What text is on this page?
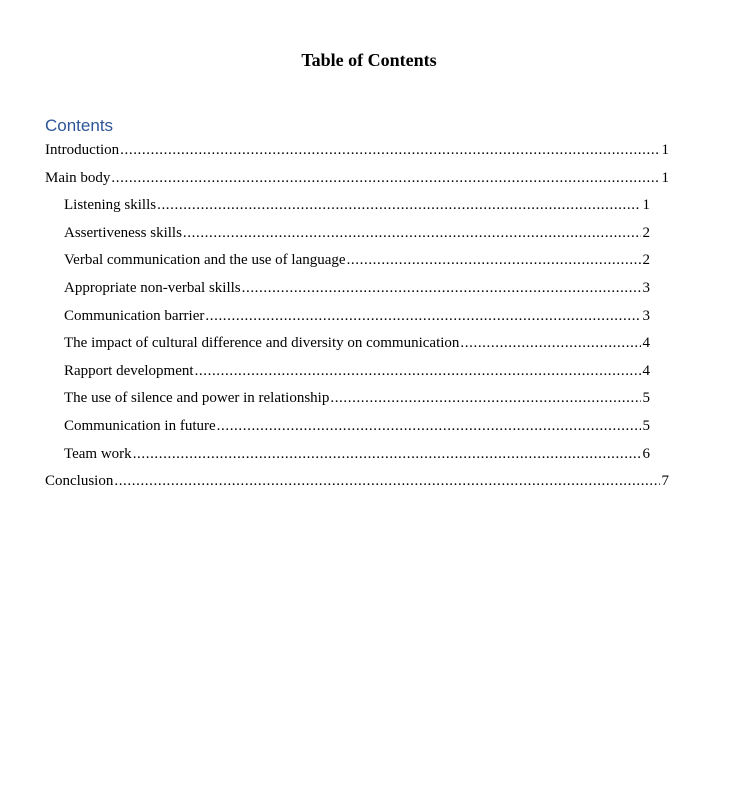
Table of Contents
Contents
Introduction .....	1
Main body .....	1
Listening skills .....	1
Assertiveness skills .....	2
Verbal communication and the use of language .....	2
Appropriate non-verbal skills .....	3
Communication barrier .....	3
The impact of cultural difference and diversity on communication .....	4
Rapport development .....	4
The use of silence and power in relationship .....	5
Communication in future .....	5
Team work .....	6
Conclusion .....	7
